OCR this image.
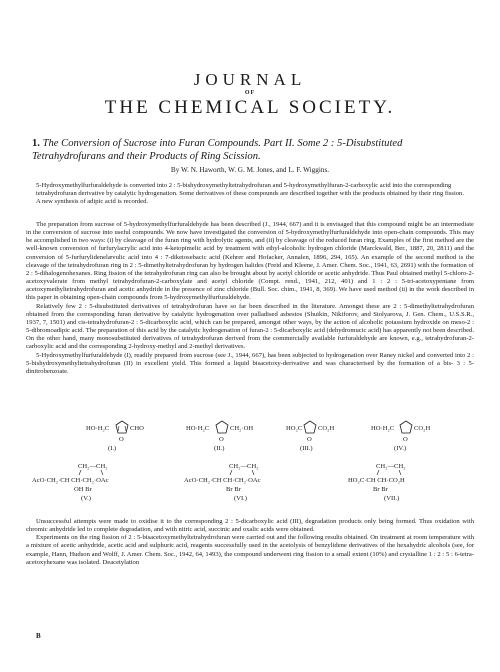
JOURNAL
OF
THE CHEMICAL SOCIETY.
1. The Conversion of Sucrose into Furan Compounds. Part II. Some 2 : 5-Disubstituted Tetrahydrofurans and their Products of Ring Scission.
By W. N. Haworth, W. G. M. Jones, and L. F. Wiggins.
5-Hydroxymethylfurfuraldehyde is converted into 2 : 5-bishydroxymethyltetrahydrofuran and 5-hydroxymethylfuran-2-carboxylic acid into the corresponding tetrahydrofuran derivative by catalytic hydrogenation. Some derivatives of these compounds are described together with the products obtained by their ring fission. A new synthesis of adipic acid is recorded.

The preparation from sucrose of 5-hydroxymethylfurfuraldehyde has been described (J., 1944, 667) and it is envisaged that this compound might be an intermediate in the conversion of sucrose into useful compounds. We now have investigated the conversion of 5-hydroxymethylfurfuraldehyde into open-chain compounds. This may be accomplished in two ways: (i) by cleavage of the furan ring with hydrolytic agents, and (ii) by cleavage of the reduced furan ring. Examples of the first method are the well-known conversion of furfurylacrylic acid into 4-ketopimelic acid by treatment with ethyl-alcoholic hydrogen chloride (Marckwald, Ber., 1887, 20, 2811) and the conversion of 5-furfurylidenelævulic acid into 4 : 7-diketosebacic acid (Kehrer and Hofacker, Annalen, 1896, 294, 165). An example of the second method is the cleavage of the tetrahydrofuran ring in 2 : 5-dimethyltetrahydrofuran by hydrogen halides (Freid and Kleene, J. Amer. Chem. Soc., 1941, 63, 2691) with the formation of 2 : 5-dihalogenohexanes. Ring fission of the tetrahydrofuran ring can also be brought about by acetyl chloride or acetic anhydride. Thus Paul obtained methyl 5-chloro-2-acetoxyvalerate from methyl tetrahydrofuran-2-carboxylate and acetyl chloride (Compt. rend., 1941, 212, 401) and 1 : 2 : 5-tri-acetoxypentane from acetoxymethyltetrahydrofuran and acetic anhydride in the presence of zinc chloride (Bull. Soc. chim., 1941, 8, 369). We have used method (ii) in the work described in this paper in obtaining open-chain compounds from 5-hydroxymethylfurfuraldehyde.

Relatively few 2 : 5-disubstituted derivatives of tetrahydrofuran have so far been described in the literature. Amongst these are 2 : 5-dimethyltetrahydrofuran obtained from the corresponding furan derivative by catalytic hydrogenation over palladised asbestos (Shuikin, Nikiforov, and Stolyarova, J. Gen. Chem., U.S.S.R., 1937, 7, 1501) and cis-tetrahydrofuran-2 : 5-dicarboxylic acid, which can be prepared, amongst other ways, by the action of alcoholic potassium hydroxide on meso-2 : 5-dibromoadipic acid. The preparation of this acid by the catalytic hydrogenation of furan-2 : 5-dicarboxylic acid (dehydromucic acid) has apparently not been described. On the other hand, many monosubstituted derivatives of tetrahydrofuran derived from the commercially available furfuraldehyde are known, e.g., tetrahydrofuran-2-carboxylic acid and the corresponding 2-hydroxy-methyl and 2-methyl derivatives.

5-Hydroxymethylfurfuraldehyde (I), readily prepared from sucrose (see J., 1944, 667), has been subjected to hydrogenation over Raney nickel and converted into 2 : 5-bishydroxymethyltetrahydrofuran (II) in excellent yield. This formed a liquid bisacetoxy-derivative and was characterised by the formation of a bis- 3 : 5-dinitrobenzoate.

HO·H₂C
O
CHO
(I.)
HO·H₂C
O
CH₂·OH
(II.)
HO₂C
O
CO₂H
(III.)
HO·H₂C
O
CO₂H
(IV.)
CH₂—CH₂
AcO·CH₂·CH CH·CH₂·OAc
OH Br
(V.)
CH₂—CH₂
AcO·CH₂·CH CH·CH₂·OAc
Br Br
(VI.)
CH₂—CH₂
HO₂C·CH CH·CO₂H
Br Br
(VII.)

Unsuccessful attempts were made to oxidise it to the corresponding 2 : 5-dicarboxylic acid (III), degradation products only being formed. Thus oxidation with chromic anhydride led to complete degradation, and with nitric acid, succinic and oxalic acids were obtained.

Experiments on the ring fission of 2 : 5-bisacetoxymethyltetrahydrofuran were carried out and the following results obtained. On treatment at room temperature with a mixture of acetic anhydride, acetic acid and sulphuric acid, reagents successfully used in the acetolysis of benzylidene derivatives of the hexahydric alcohols (see, for example, Hann, Hudson and Wolff, J. Amer. Chem. Soc., 1942, 64, 1493), the compound underwent ring fission to a small extent (10%) and crystalline 1 : 2 : 5 : 6-tetra-acetoxyhexane was isolated. Deacetylation

B
